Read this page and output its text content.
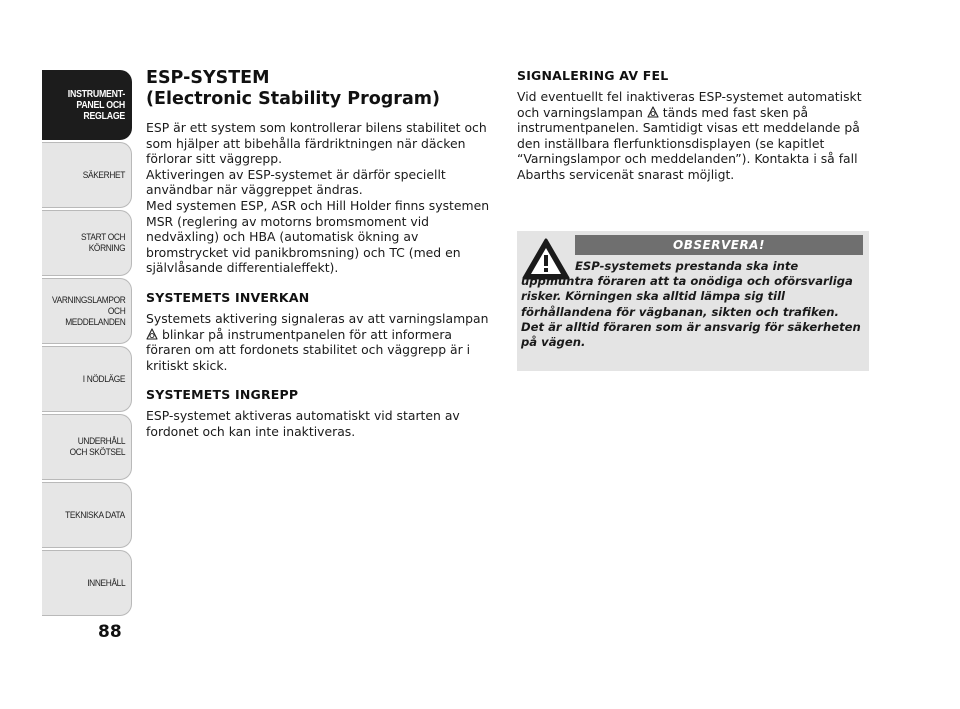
INSTRUMENT-
PANEL OCH
REGLAGE
SÄKERHET
START OCH
KÖRNING
VARNINGSLAMPOR
OCH
MEDDELANDEN
I NÖDLÄGE
UNDERHÅLL
OCH SKÖTSEL
TEKNISKA DATA
INNEHÅLL
88
ESP-SYSTEM
(Electronic Stability Program)

ESP är ett system som kontrollerar bilens stabilitet och som hjälper att bibehålla färdriktningen när däcken förlorar sitt väggrepp.

Aktiveringen av ESP-systemet är därför speciellt användbar när väggreppet ändras.

Med systemen ESP, ASR och Hill Holder finns systemen MSR (reglering av motorns bromsmoment vid nedväxling) och HBA (automatisk ökning av bromstrycket vid panikbromsning) och TC (med en självlåsande differentialeffekt).

SYSTEMETS INVERKAN

Systemets aktivering signaleras av att varningslampan  blinkar på instrumentpanelen för att informera föraren om att fordonets stabilitet och väggrepp är i kritiskt skick.

SYSTEMETS INGREPP

ESP-systemet aktiveras automatiskt vid starten av fordonet och kan inte inaktiveras.

SIGNALERING AV FEL

Vid eventuellt fel inaktiveras ESP-systemet automatiskt och varningslampan tänds med fast sken på instrumentpanelen. Samtidigt visas ett meddelande på den inställbara flerfunktionsdisplayen (se kapitlet “Varningslampor och meddelanden”). Kontakta i så fall Abarths servicenät snarast möjligt.

OBSERVERA!

ESP-systemets prestanda ska inte uppmuntra föraren att ta onödiga och oförsvarliga risker. Körningen ska alltid lämpa sig till förhållandena för vägbanan, sikten och trafiken. Det är alltid föraren som är ansvarig för säkerheten på vägen.
